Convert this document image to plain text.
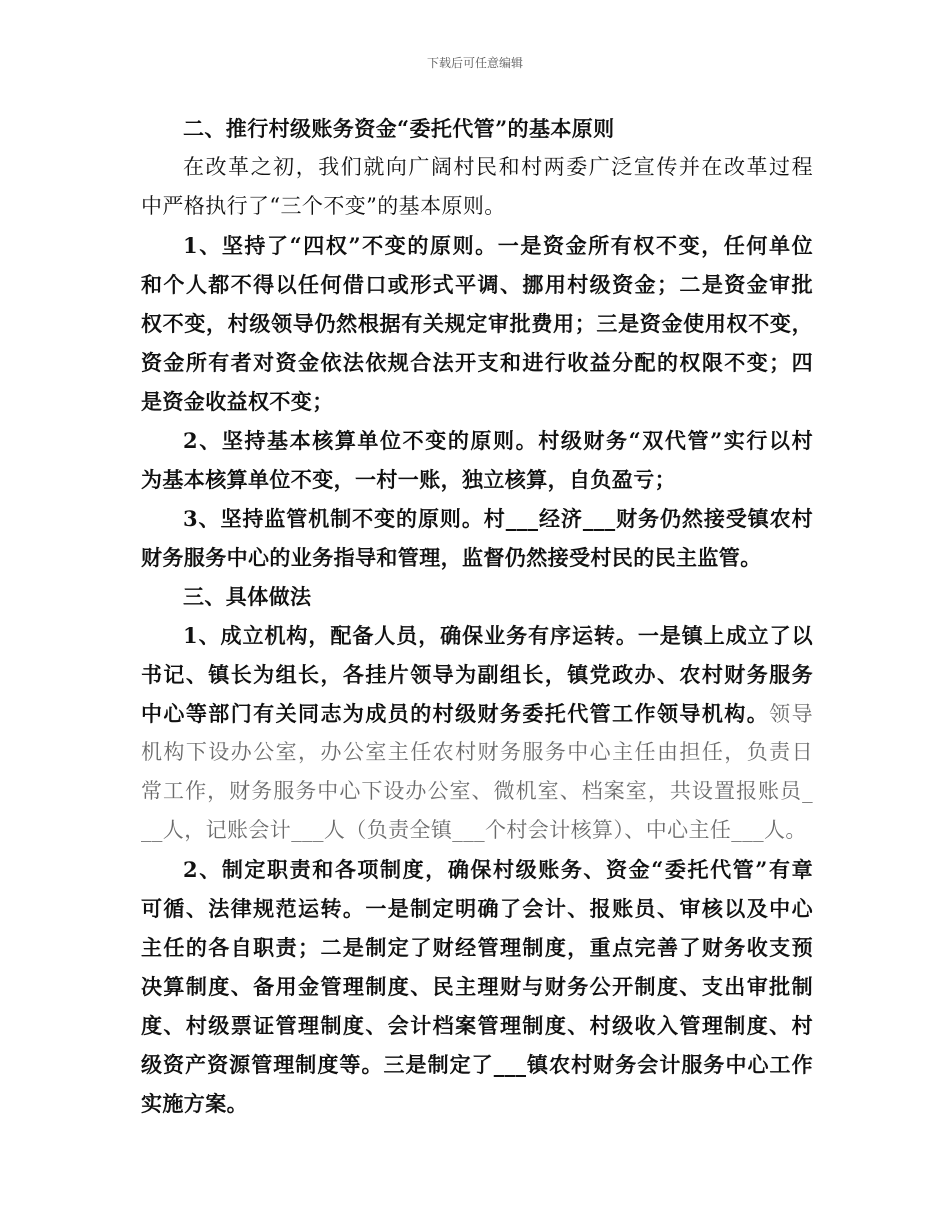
下载后可任意编辑
二、推行村级账务资金“委托代管”的基本原则
在改革之初，我们就向广阔村民和村两委广泛宣传并在改革过程
中严格执行了“三个不变”的基本原则。
1、坚持了“四权”不变的原则。一是资金所有权不变，任何单位
和个人都不得以任何借口或形式平调、挪用村级资金；二是资金审批
权不变，村级领导仍然根据有关规定审批费用；三是资金使用权不变，
资金所有者对资金依法依规合法开支和进行收益分配的权限不变；四
是资金收益权不变；
2、坚持基本核算单位不变的原则。村级财务“双代管”实行以村
为基本核算单位不变，一村一账，独立核算，自负盈亏；
3、坚持监管机制不变的原则。村___经济___财务仍然接受镇农村
财务服务中心的业务指导和管理，监督仍然接受村民的民主监管。
三、具体做法
1、成立机构，配备人员，确保业务有序运转。一是镇上成立了以
书记、镇长为组长，各挂片领导为副组长，镇党政办、农村财务服务
中心等部门有关同志为成员的村级财务委托代管工作领导机构。领导
机构下设办公室，办公室主任农村财务服务中心主任由担任，负责日
常工作，财务服务中心下设办公室、微机室、档案室，共设置报账员_
__人，记账会计___人（负责全镇___个村会计核算）、中心主任___人。
2、制定职责和各项制度，确保村级账务、资金“委托代管”有章
可循、法律规范运转。一是制定明确了会计、报账员、审核以及中心
主任的各自职责；二是制定了财经管理制度，重点完善了财务收支预
决算制度、备用金管理制度、民主理财与财务公开制度、支出审批制
度、村级票证管理制度、会计档案管理制度、村级收入管理制度、村
级资产资源管理制度等。三是制定了___镇农村财务会计服务中心工作
实施方案。
